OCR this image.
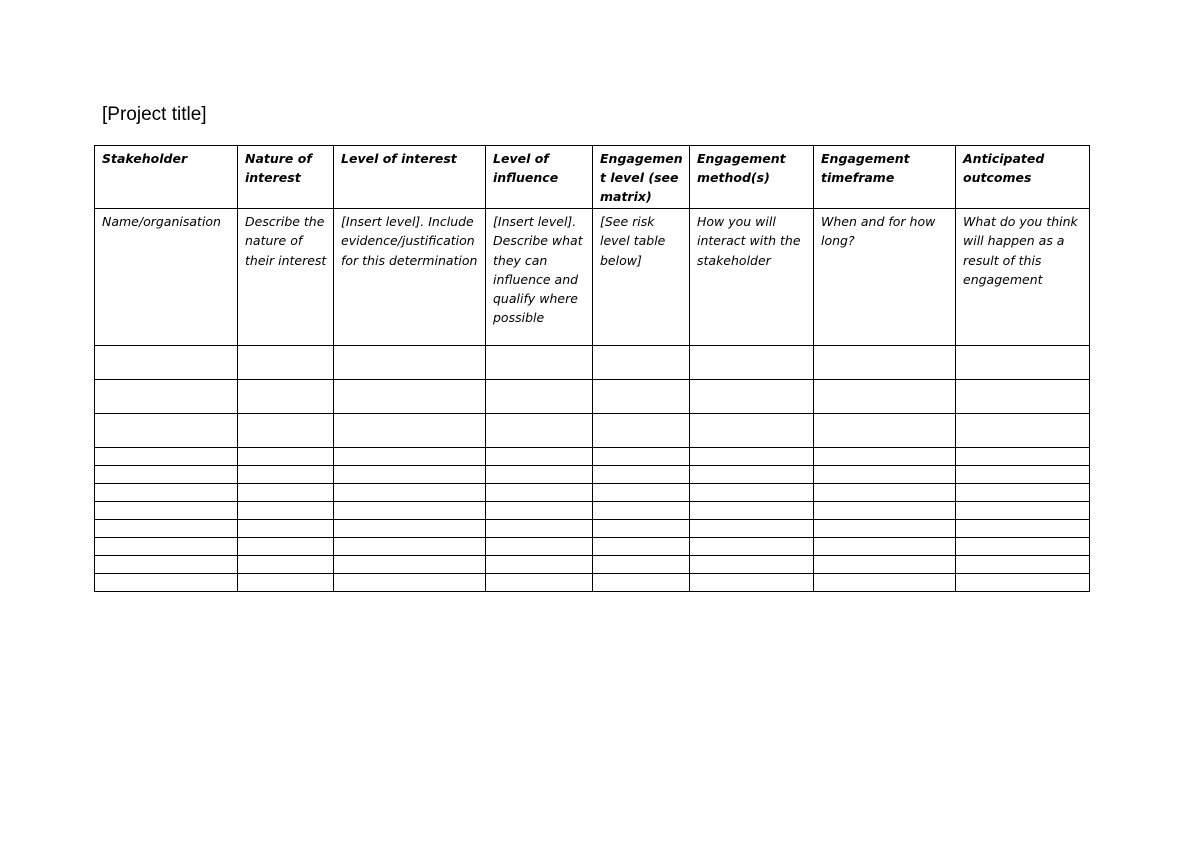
[Project title]
Stakeholder	Nature of interest	Level of interest	Level of influence	Engagement level (see matrix)	Engagement method(s)	Engagement timeframe	Anticipated outcomes
Name/organisation	Describe the nature of their interest	[Insert level]. Include evidence/justification for this determination	[Insert level]. Describe what they can influence and qualify where possible	[See risk level table below]	How you will interact with the stakeholder	When and for how long?	What do you think will happen as a result of this engagement
